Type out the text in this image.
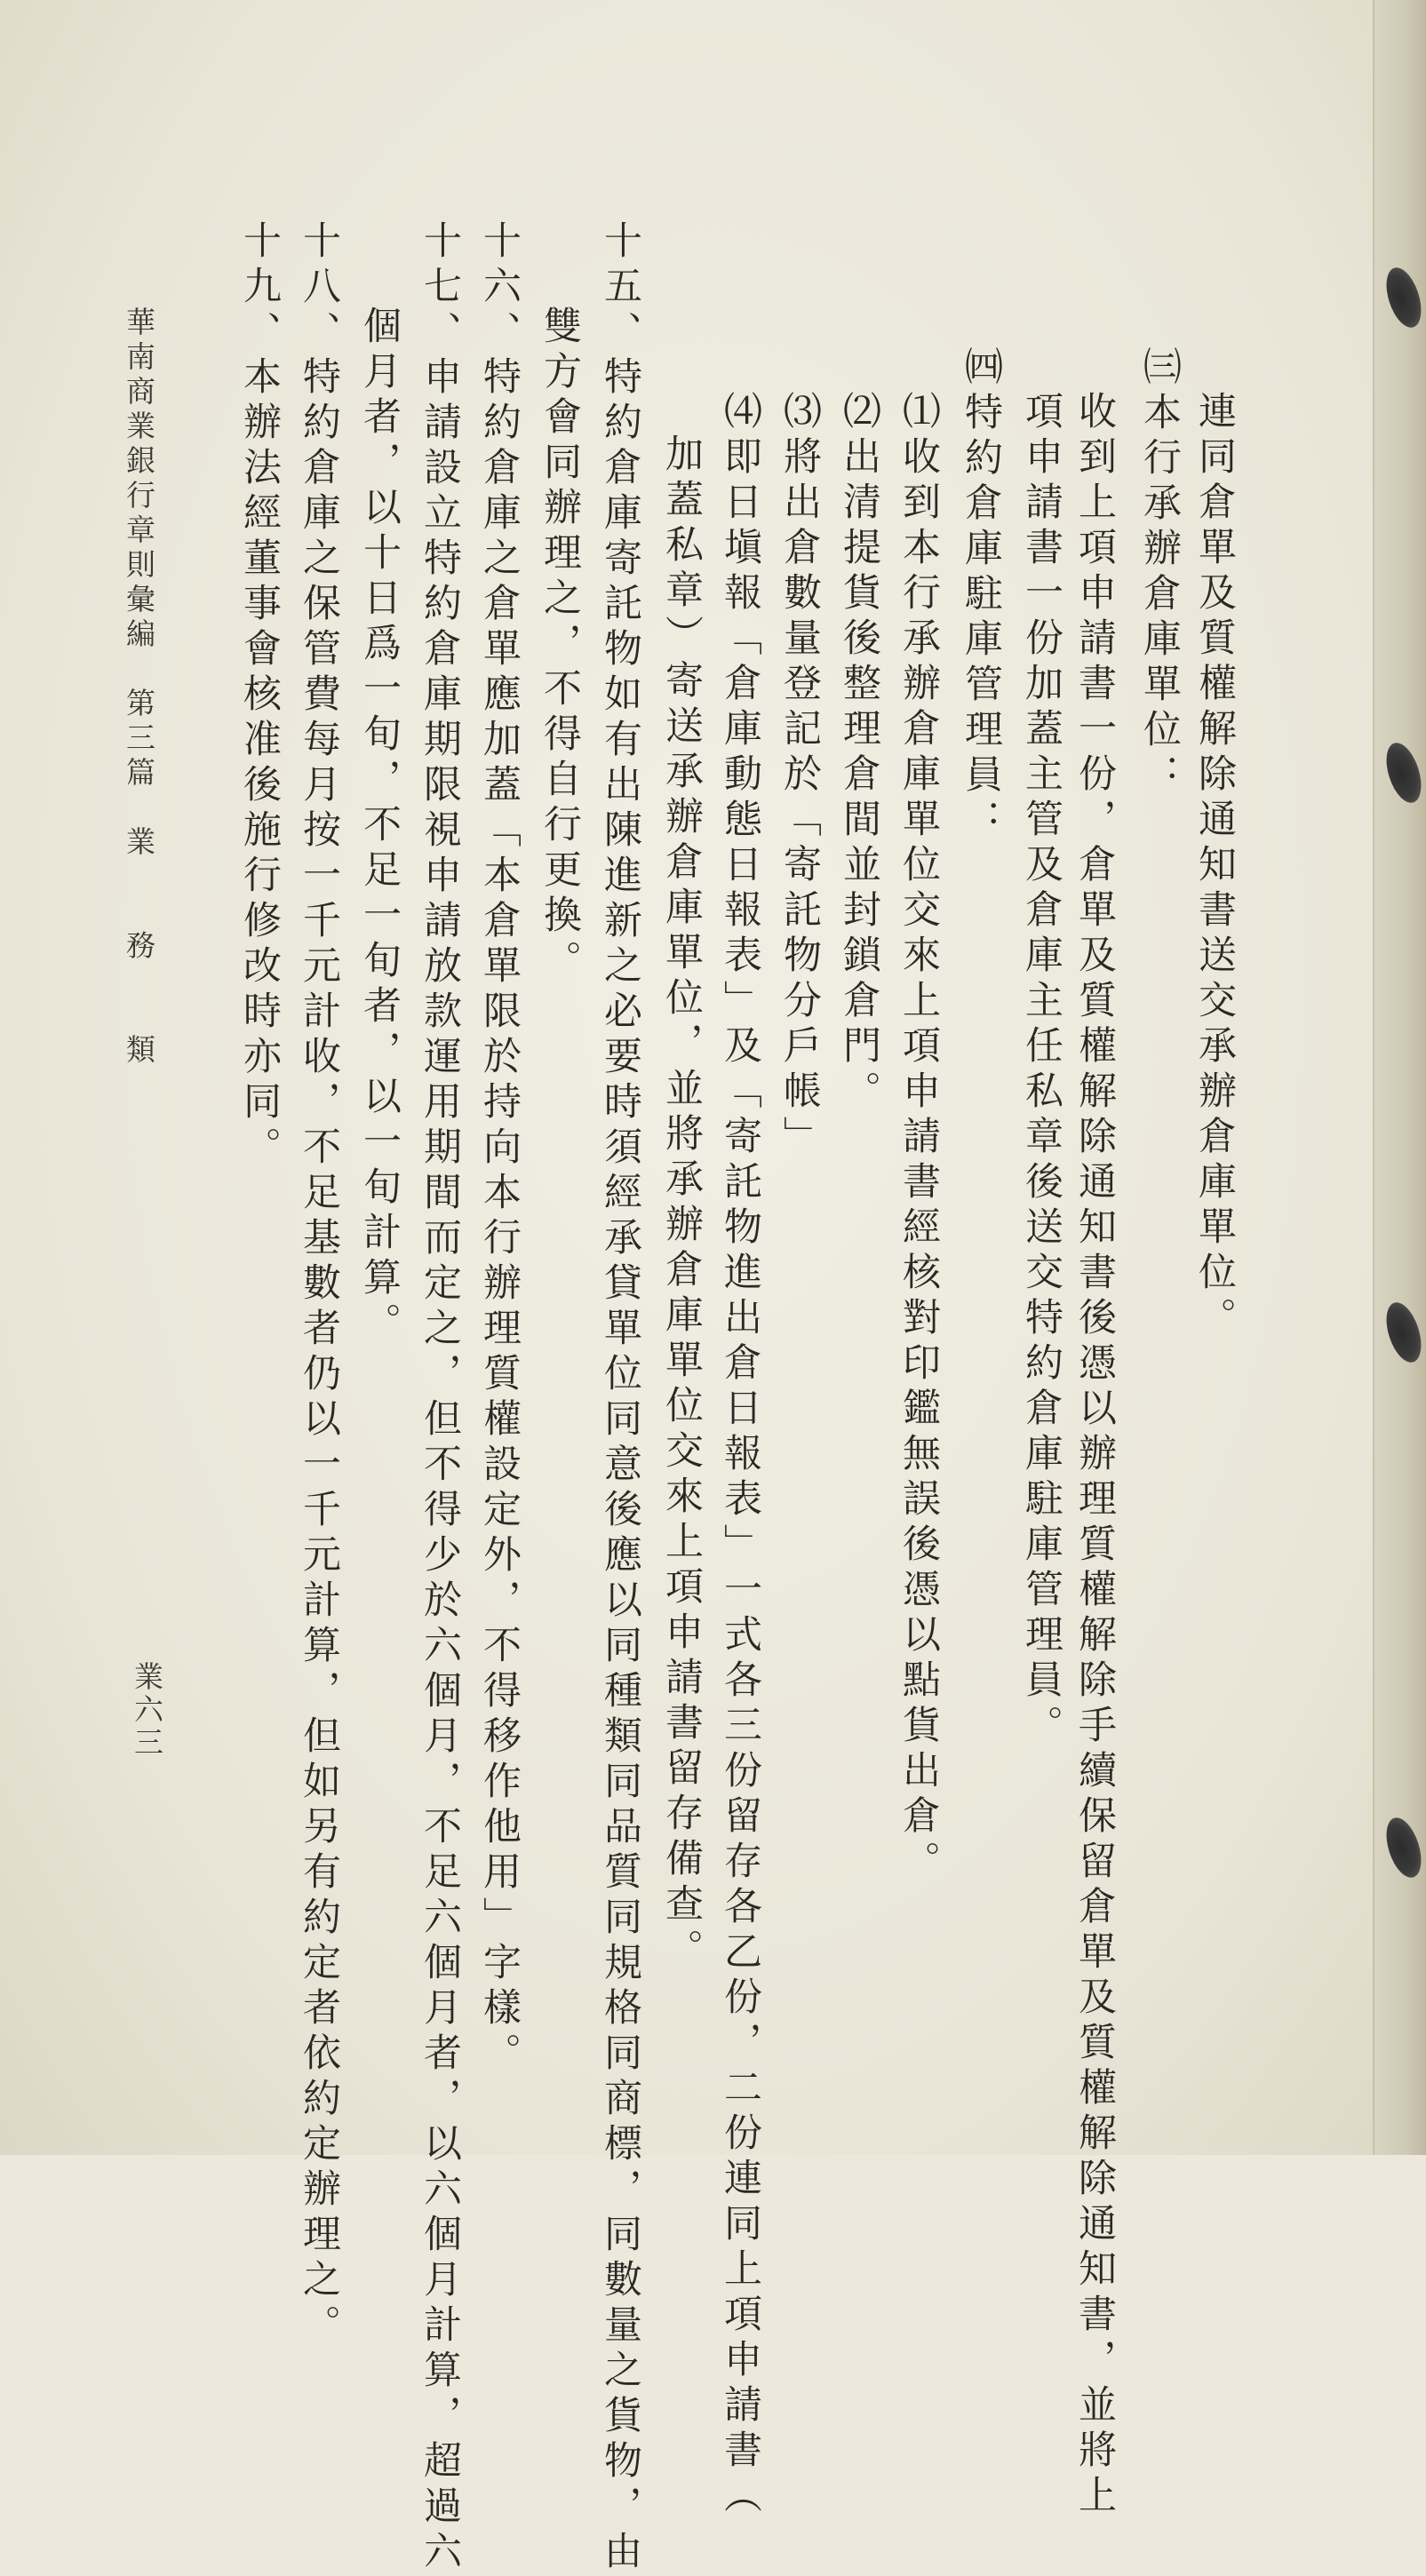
連同倉單及質權解除通知書送交承辦倉庫單位。
㈢本行承辦倉庫單位：
收到上項申請書一份，倉單及質權解除通知書後憑以辦理質權解除手續保留倉單及質權解除通知書，並將上
項申請書一份加蓋主管及倉庫主任私章後送交特約倉庫駐庫管理員。
㈣特約倉庫駐庫管理員：
⑴收到本行承辦倉庫單位交來上項申請書經核對印鑑無誤後憑以點貨出倉。
⑵出清提貨後整理倉間並封鎖倉門。
⑶將出倉數量登記於「寄託物分戶帳」
⑷即日塡報「倉庫動態日報表」及「寄託物進出倉日報表」一式各三份留存各乙份，二份連同上項申請書（
加蓋私章）寄送承辦倉庫單位，並將承辦倉庫單位交來上項申請書留存備查。
十五、特約倉庫寄託物如有出陳進新之必要時須經承貸單位同意後應以同種類同品質同規格同商標，同數量之貨物，由
雙方會同辦理之，不得自行更換。
十六、特約倉庫之倉單應加蓋「本倉單限於持向本行辦理質權設定外，不得移作他用」字樣。
十七、申請設立特約倉庫期限視申請放款運用期間而定之，但不得少於六個月，不足六個月者，以六個月計算，超過六
個月者，以十日爲一旬，不足一旬者，以一旬計算。
十八、特約倉庫之保管費每月按一千元計收，不足基數者仍以一千元計算，但如另有約定者依約定辦理之。
十九、本辦法經董事會核准後施行修改時亦同。
華南商業銀行章則彙編　第三篇　業　　務　　類
業六三
